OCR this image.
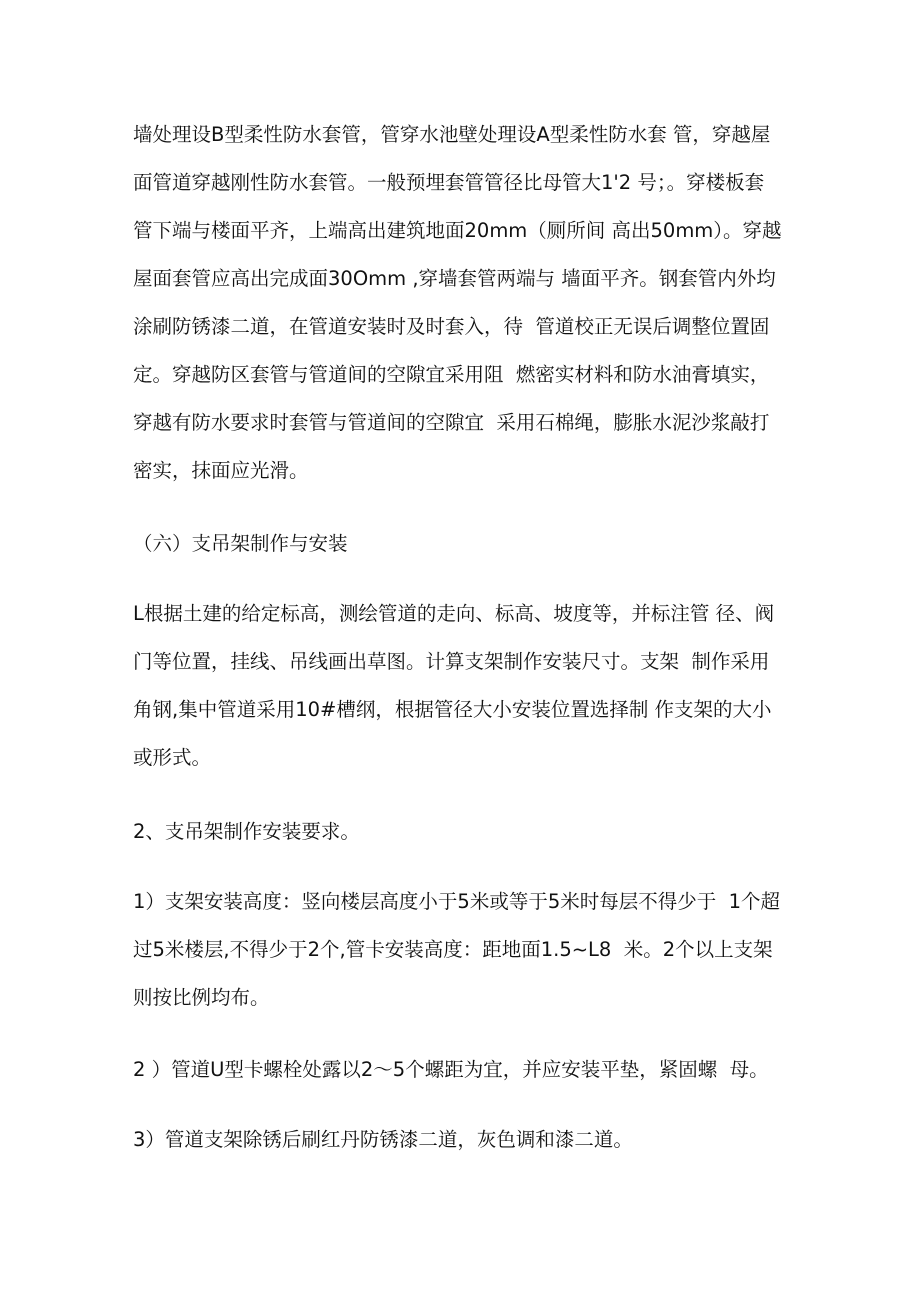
墙处理设B型柔性防水套管，管穿水池壁处理设A型柔性防水套 管，穿越屋
面管道穿越刚性防水套管。一般预埋套管管径比母管大1'2 号；。穿楼板套
管下端与楼面平齐，上端高出建筑地面20mm（厕所间 高出50mm）。穿越
屋面套管应高出完成面30Omm ,穿墙套管两端与 墙面平齐。钢套管内外均
涂刷防锈漆二道，在管道安装时及时套入，待  管道校正无误后调整位置固
定。穿越防区套管与管道间的空隙宜采用阻  燃密实材料和防水油膏填实，
穿越有防水要求时套管与管道间的空隙宜  采用石棉绳，膨胀水泥沙浆敲打
密实，抹面应光滑。
（六）支吊架制作与安装
L根据土建的给定标高，测绘管道的走向、标高、坡度等，并标注管 径、阀
门等位置，挂线、吊线画出草图。计算支架制作安装尺寸。支架  制作采用
角钢,集中管道采用10#槽纲，根据管径大小安装位置选择制 作支架的大小
或形式。
2、支吊架制作安装要求。
1）支架安装高度：竖向楼层高度小于5米或等于5米时每层不得少于  1个超
过5米楼层,不得少于2个,管卡安装高度：距地面1.5~L8  米。2个以上支架
则按比例均布。
2 ）管道U型卡螺栓处露以2～5个螺距为宜，并应安装平垫，紧固螺  母。
3）管道支架除锈后刷红丹防锈漆二道，灰色调和漆二道。
